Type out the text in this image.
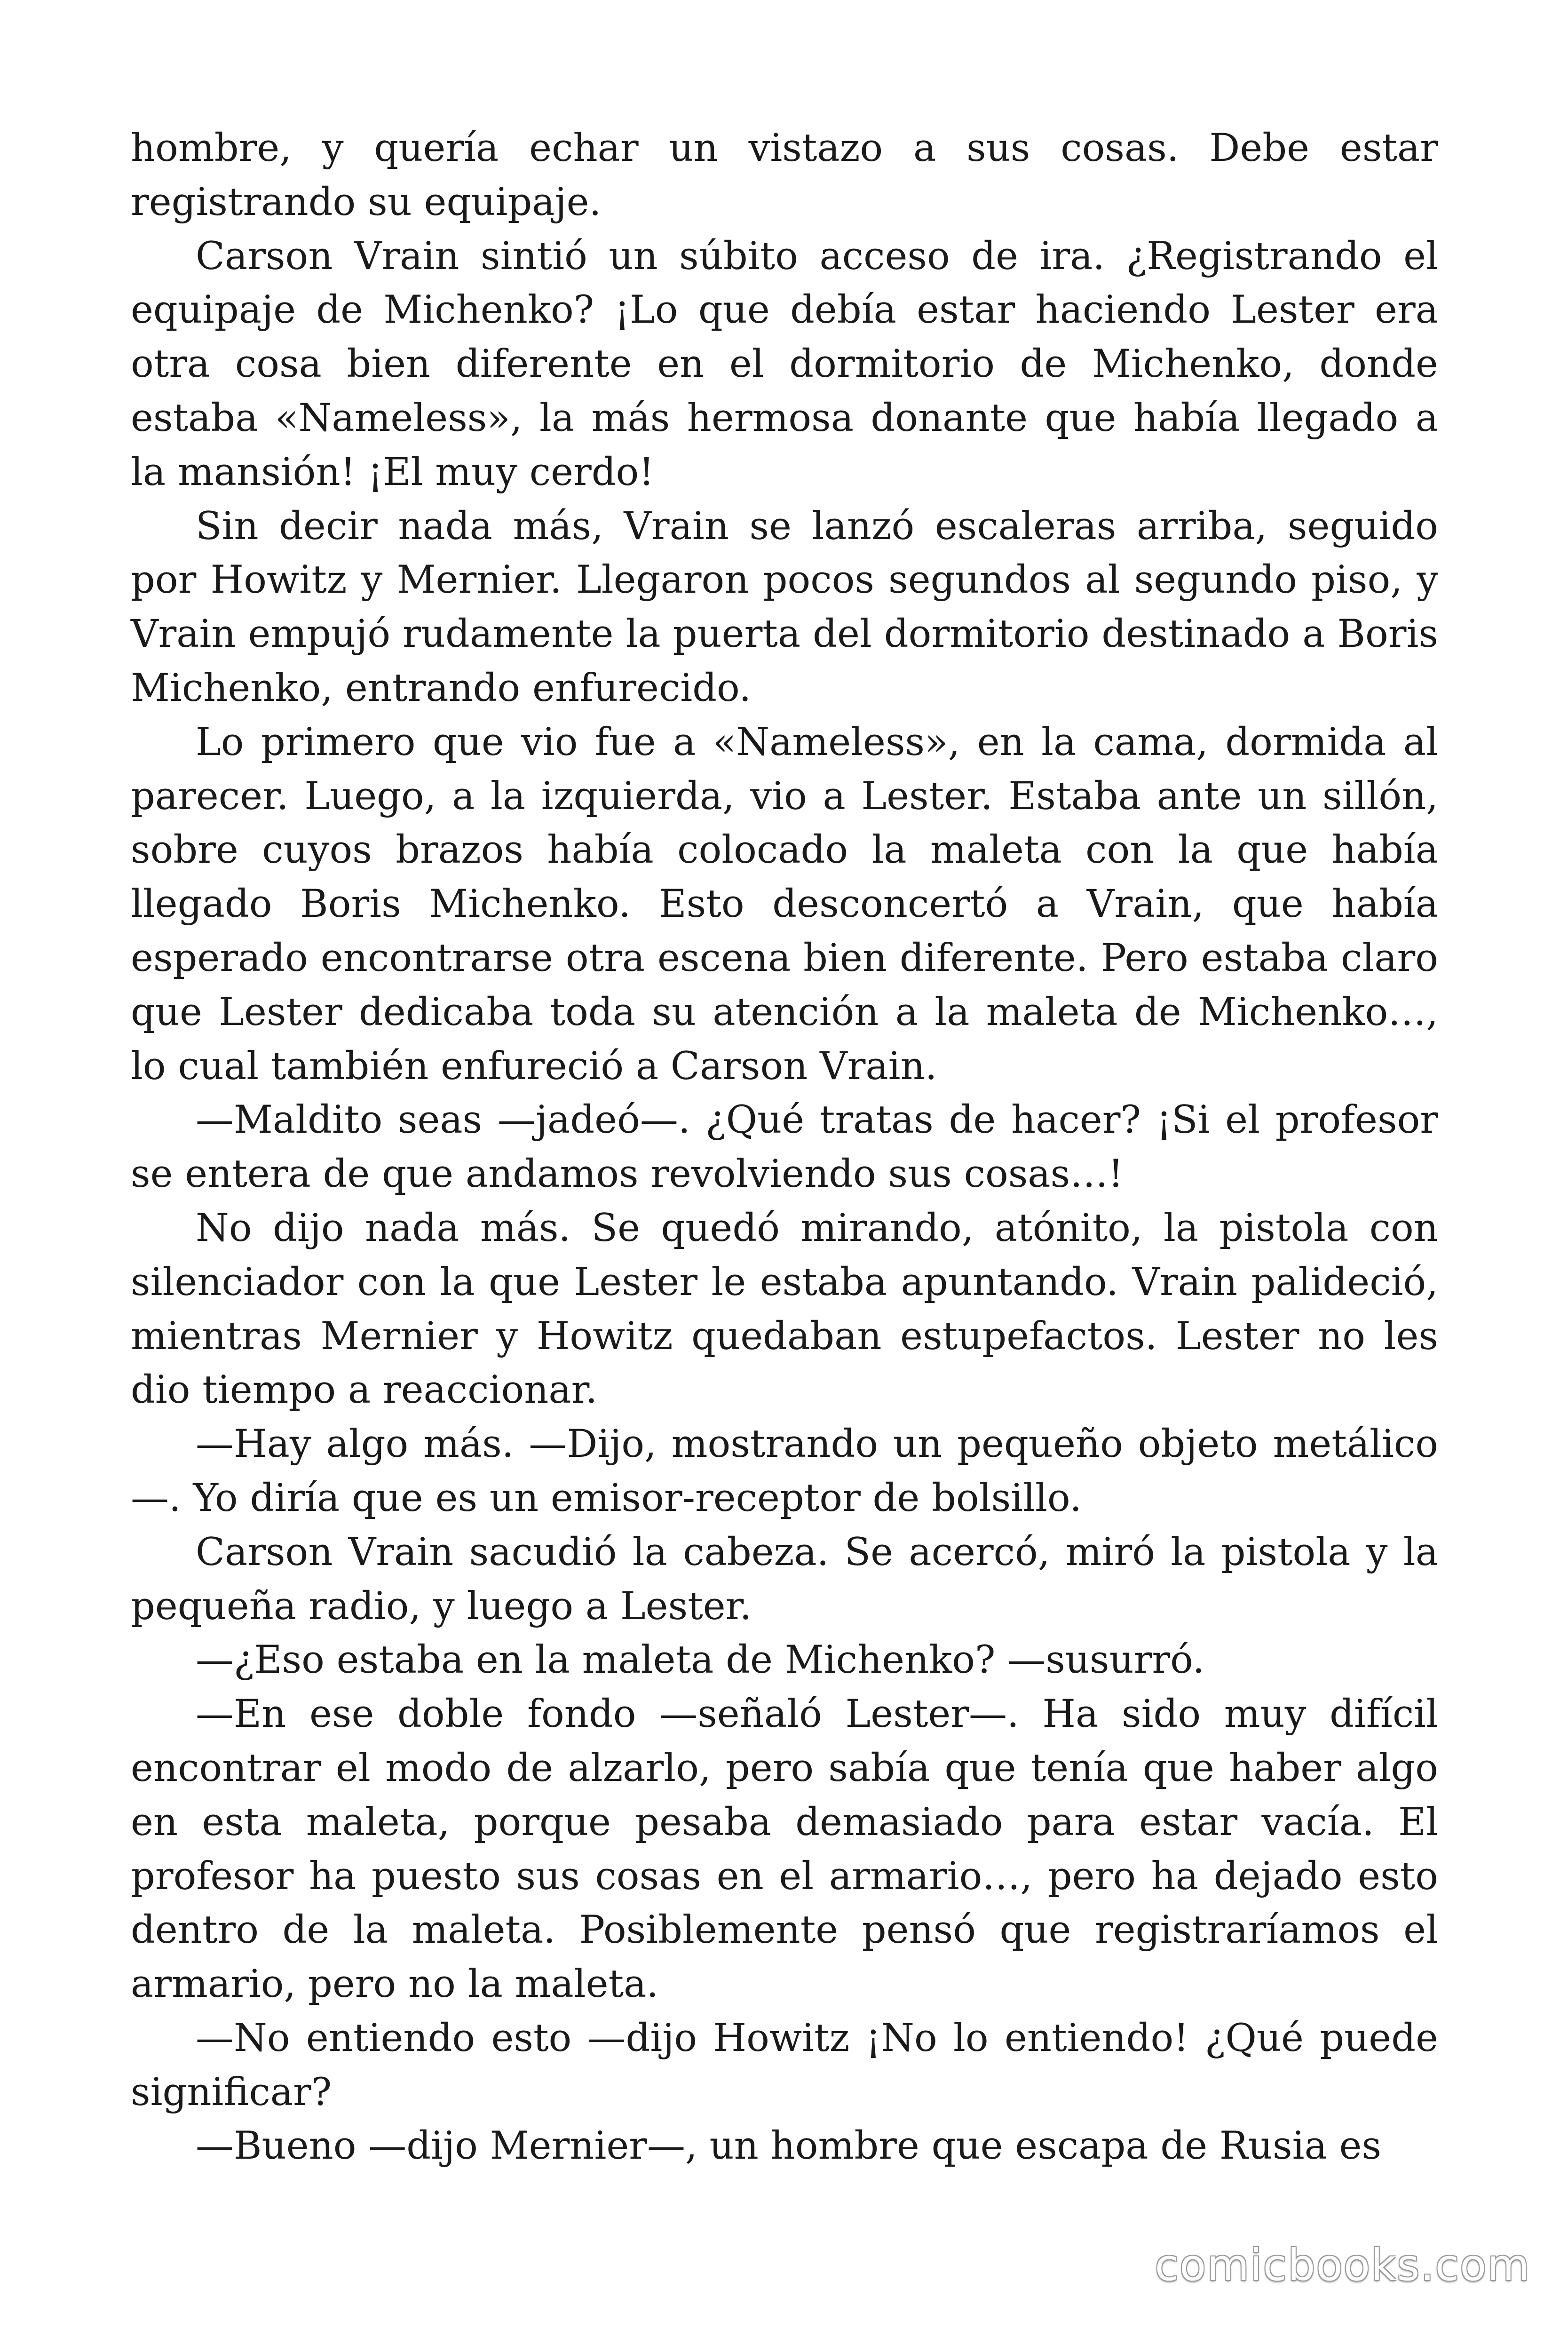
hombre, y quería echar un vistazo a sus cosas. Debe estar registrando su equipaje.

Carson Vrain sintió un súbito acceso de ira. ¿Registrando el equipaje de Michenko? ¡Lo que debía estar haciendo Lester era otra cosa bien diferente en el dormitorio de Michenko, donde estaba «Nameless», la más hermosa donante que había llegado a la mansión! ¡El muy cerdo!

Sin decir nada más, Vrain se lanzó escaleras arriba, seguido por Howitz y Mernier. Llegaron pocos segundos al segundo piso, y Vrain empujó rudamente la puerta del dormitorio destinado a Boris Michenko, entrando enfurecido.

Lo primero que vio fue a «Nameless», en la cama, dormida al parecer. Luego, a la izquierda, vio a Lester. Estaba ante un sillón, sobre cuyos brazos había colocado la maleta con la que había llegado Boris Michenko. Esto desconcertó a Vrain, que había esperado encontrarse otra escena bien diferente. Pero estaba claro que Lester dedicaba toda su atención a la maleta de Michenko…, lo cual también enfureció a Carson Vrain.

—Maldito seas —jadeó—. ¿Qué tratas de hacer? ¡Si el profesor se entera de que andamos revolviendo sus cosas…!

No dijo nada más. Se quedó mirando, atónito, la pistola con silenciador con la que Lester le estaba apuntando. Vrain palideció, mientras Mernier y Howitz quedaban estupefactos. Lester no les dio tiempo a reaccionar.

—Hay algo más. —Dijo, mostrando un pequeño objeto metálico —. Yo diría que es un emisor-receptor de bolsillo.

Carson Vrain sacudió la cabeza. Se acercó, miró la pistola y la pequeña radio, y luego a Lester.

—¿Eso estaba en la maleta de Michenko? —susurró.

—En ese doble fondo —señaló Lester—. Ha sido muy difícil encontrar el modo de alzarlo, pero sabía que tenía que haber algo en esta maleta, porque pesaba demasiado para estar vacía. El profesor ha puesto sus cosas en el armario…, pero ha dejado esto dentro de la maleta. Posiblemente pensó que registraríamos el armario, pero no la maleta.

—No entiendo esto —dijo Howitz ¡No lo entiendo! ¿Qué puede significar?

—Bueno —dijo Mernier—, un hombre que escapa de Rusia es

comicbooks.com
